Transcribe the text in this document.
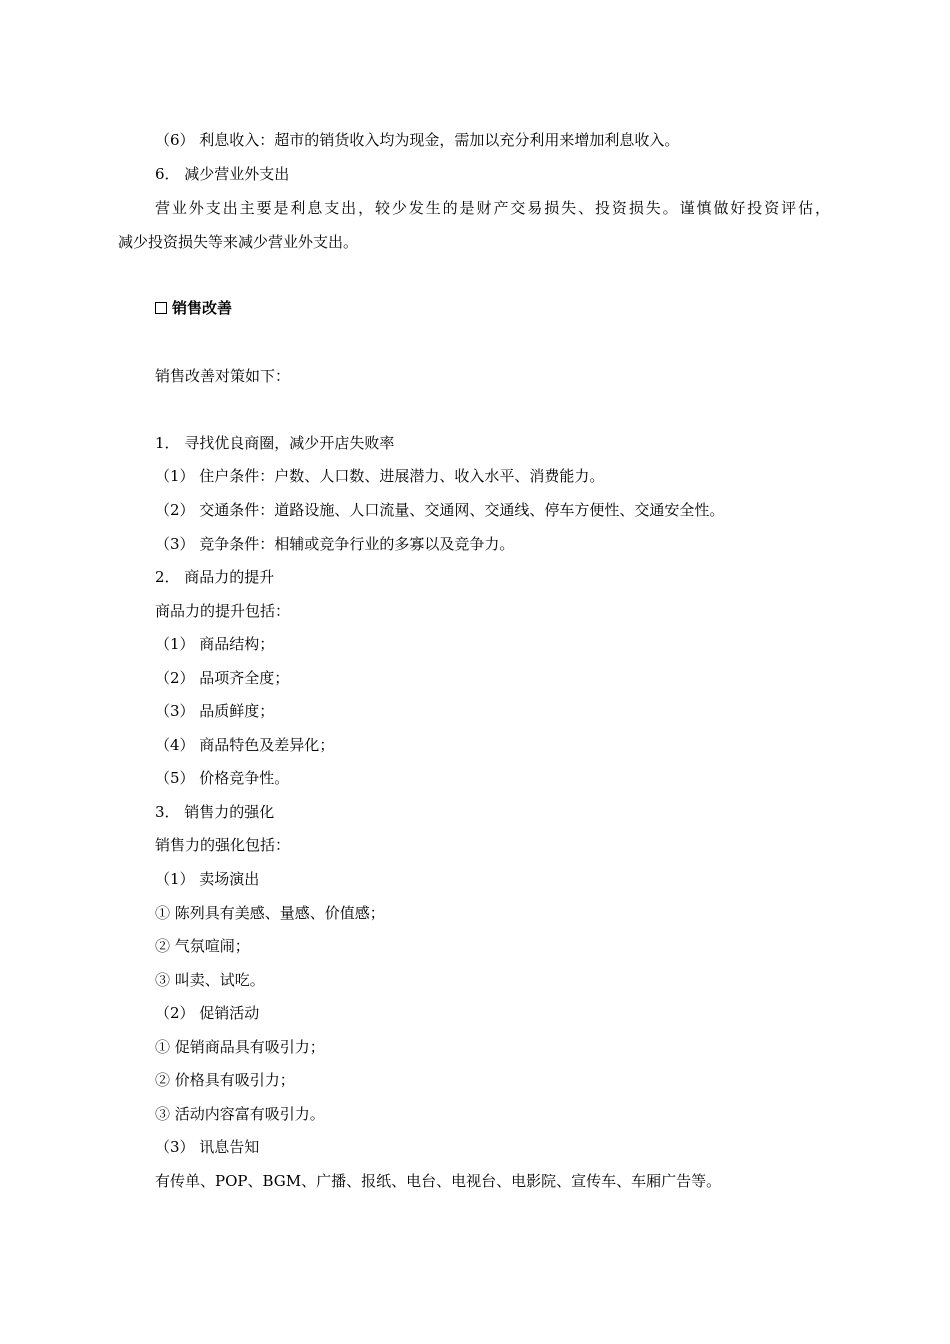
（6） 利息收入：超市的销货收入均为现金，需加以充分利用来增加利息收入。
6． 减少营业外支出
营业外支出主要是利息支出，较少发生的是财产交易损失、投资损失。谨慎做好投资评估，
减少投资损失等来减少营业外支出。
销售改善
销售改善对策如下：
1． 寻找优良商圈，减少开店失败率
（1） 住户条件：户数、人口数、进展潜力、收入水平、消费能力。
（2） 交通条件：道路设施、人口流量、交通网、交通线、停车方便性、交通安全性。
（3） 竞争条件：相辅或竞争行业的多寡以及竞争力。
2． 商品力的提升
商品力的提升包括：
（1） 商品结构；
（2） 品项齐全度；
（3） 品质鲜度；
（4） 商品特色及差异化；
（5） 价格竞争性。
3． 销售力的强化
销售力的强化包括：
（1） 卖场演出
① 陈列具有美感、量感、价值感；
② 气氛喧闹；
③ 叫卖、试吃。
（2） 促销活动
① 促销商品具有吸引力；
② 价格具有吸引力；
③ 活动内容富有吸引力。
（3） 讯息告知
有传单、POP、BGM、广播、报纸、电台、电视台、电影院、宣传车、车厢广告等。
